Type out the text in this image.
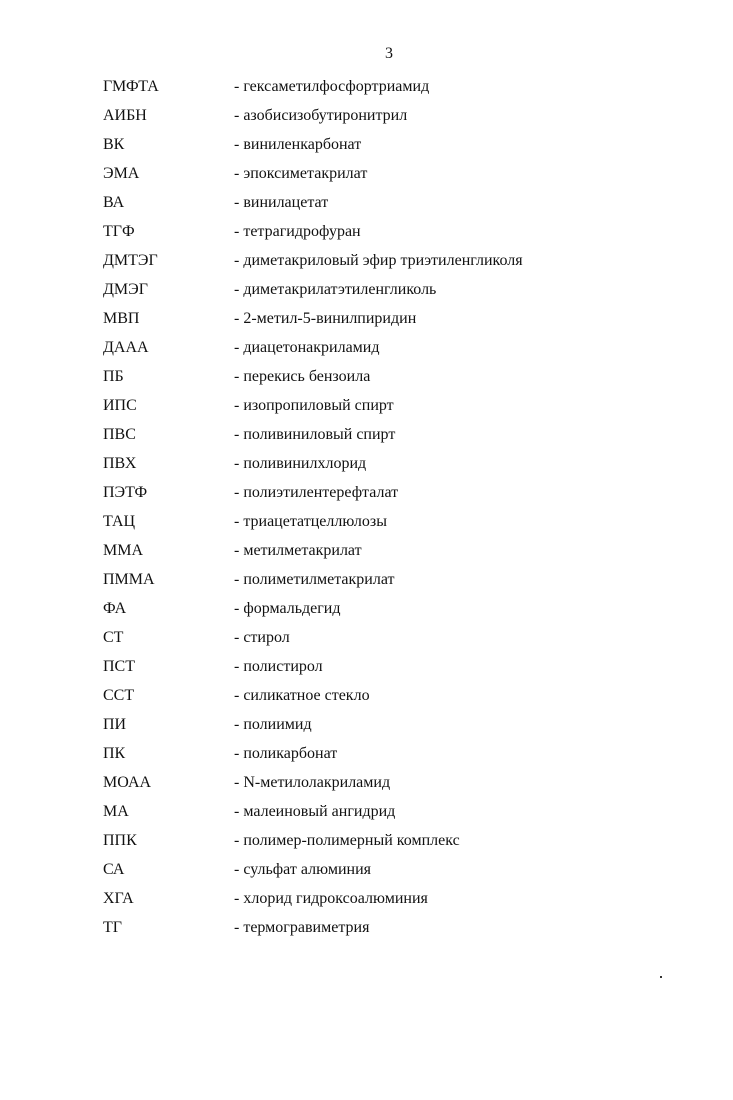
3
ГМФТА	- гексаметилфосфортриамид
АИБН	- азобисизобутиронитрил
ВК	- виниленкарбонат
ЭМА	- эпоксиметакрилат
ВА	- винилацетат
ТГФ	- тетрагидрофуран
ДМТЭГ	- диметакриловый эфир триэтиленгликоля
ДМЭГ	- диметакрилатэтиленгликоль
МВП	- 2-метил-5-винилпиридин
ДААА	- диацетонакриламид
ПБ	- перекись бензоила
ИПС	- изопропиловый спирт
ПВС	- поливиниловый спирт
ПВХ	- поливинилхлорид
ПЭТФ	- полиэтилентерефталат
ТАЦ	- триацетатцеллюлозы
ММА	- метилметакрилат
ПММА	- полиметилметакрилат
ФА	- формальдегид
СТ	- стирол
ПСТ	- полистирол
ССТ	- силикатное стекло
ПИ	- полиимид
ПК	- поликарбонат
МОАА	- N-метилолакриламид
МА	- малеиновый ангидрид
ППК	- полимер-полимерный комплекс
СА	- сульфат алюминия
ХГА	- хлорид гидроксоалюминия
ТГ	- термогравиметрия
